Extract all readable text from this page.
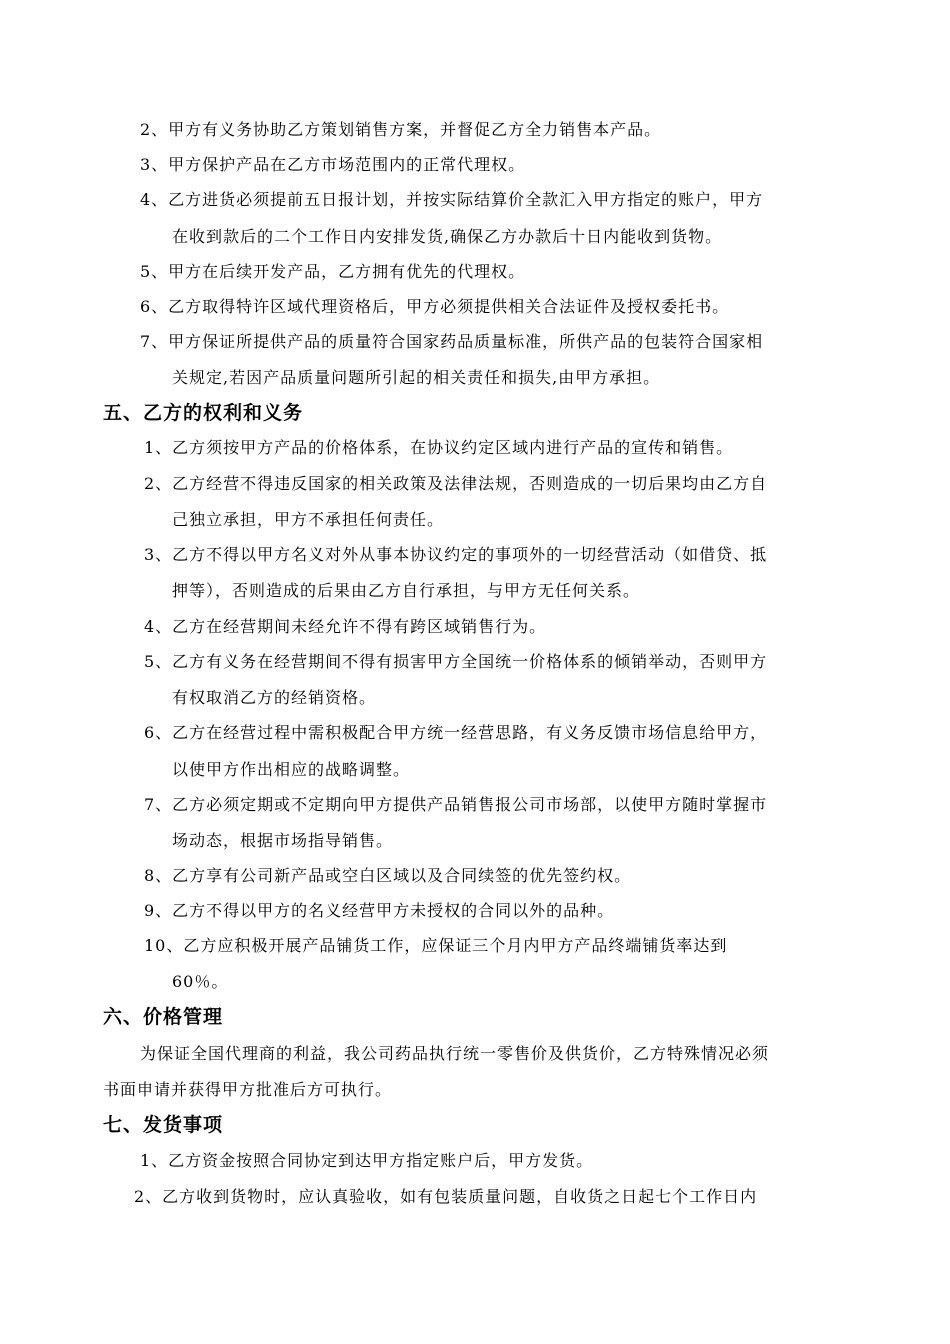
2、甲方有义务协助乙方策划销售方案，并督促乙方全力销售本产品。
3、甲方保护产品在乙方市场范围内的正常代理权。
4、乙方进货必须提前五日报计划，并按实际结算价全款汇入甲方指定的账户，甲方
在收到款后的二个工作日内安排发货,确保乙方办款后十日内能收到货物。
5、甲方在后续开发产品，乙方拥有优先的代理权。
6、乙方取得特许区域代理资格后，甲方必须提供相关合法证件及授权委托书。
7、甲方保证所提供产品的质量符合国家药品质量标准，所供产品的包装符合国家相
关规定,若因产品质量问题所引起的相关责任和损失,由甲方承担。
五、乙方的权利和义务
1、乙方须按甲方产品的价格体系，在协议约定区域内进行产品的宣传和销售。
2、乙方经营不得违反国家的相关政策及法律法规，否则造成的一切后果均由乙方自
己独立承担，甲方不承担任何责任。
3、乙方不得以甲方名义对外从事本协议约定的事项外的一切经营活动（如借贷、抵
押等），否则造成的后果由乙方自行承担，与甲方无任何关系。
4、乙方在经营期间未经允许不得有跨区域销售行为。
5、乙方有义务在经营期间不得有损害甲方全国统一价格体系的倾销举动，否则甲方
有权取消乙方的经销资格。
6、乙方在经营过程中需积极配合甲方统一经营思路，有义务反馈市场信息给甲方，
以使甲方作出相应的战略调整。
7、乙方必须定期或不定期向甲方提供产品销售报公司市场部，以使甲方随时掌握市
场动态，根据市场指导销售。
8、乙方享有公司新产品或空白区域以及合同续签的优先签约权。
9、乙方不得以甲方的名义经营甲方未授权的合同以外的品种。
10、乙方应积极开展产品铺货工作，应保证三个月内甲方产品终端铺货率达到
60％。
六、价格管理
为保证全国代理商的利益，我公司药品执行统一零售价及供货价，乙方特殊情况必须
书面申请并获得甲方批准后方可执行。
七、发货事项
1、乙方资金按照合同协定到达甲方指定账户后，甲方发货。
2、乙方收到货物时，应认真验收，如有包装质量问题，自收货之日起七个工作日内
